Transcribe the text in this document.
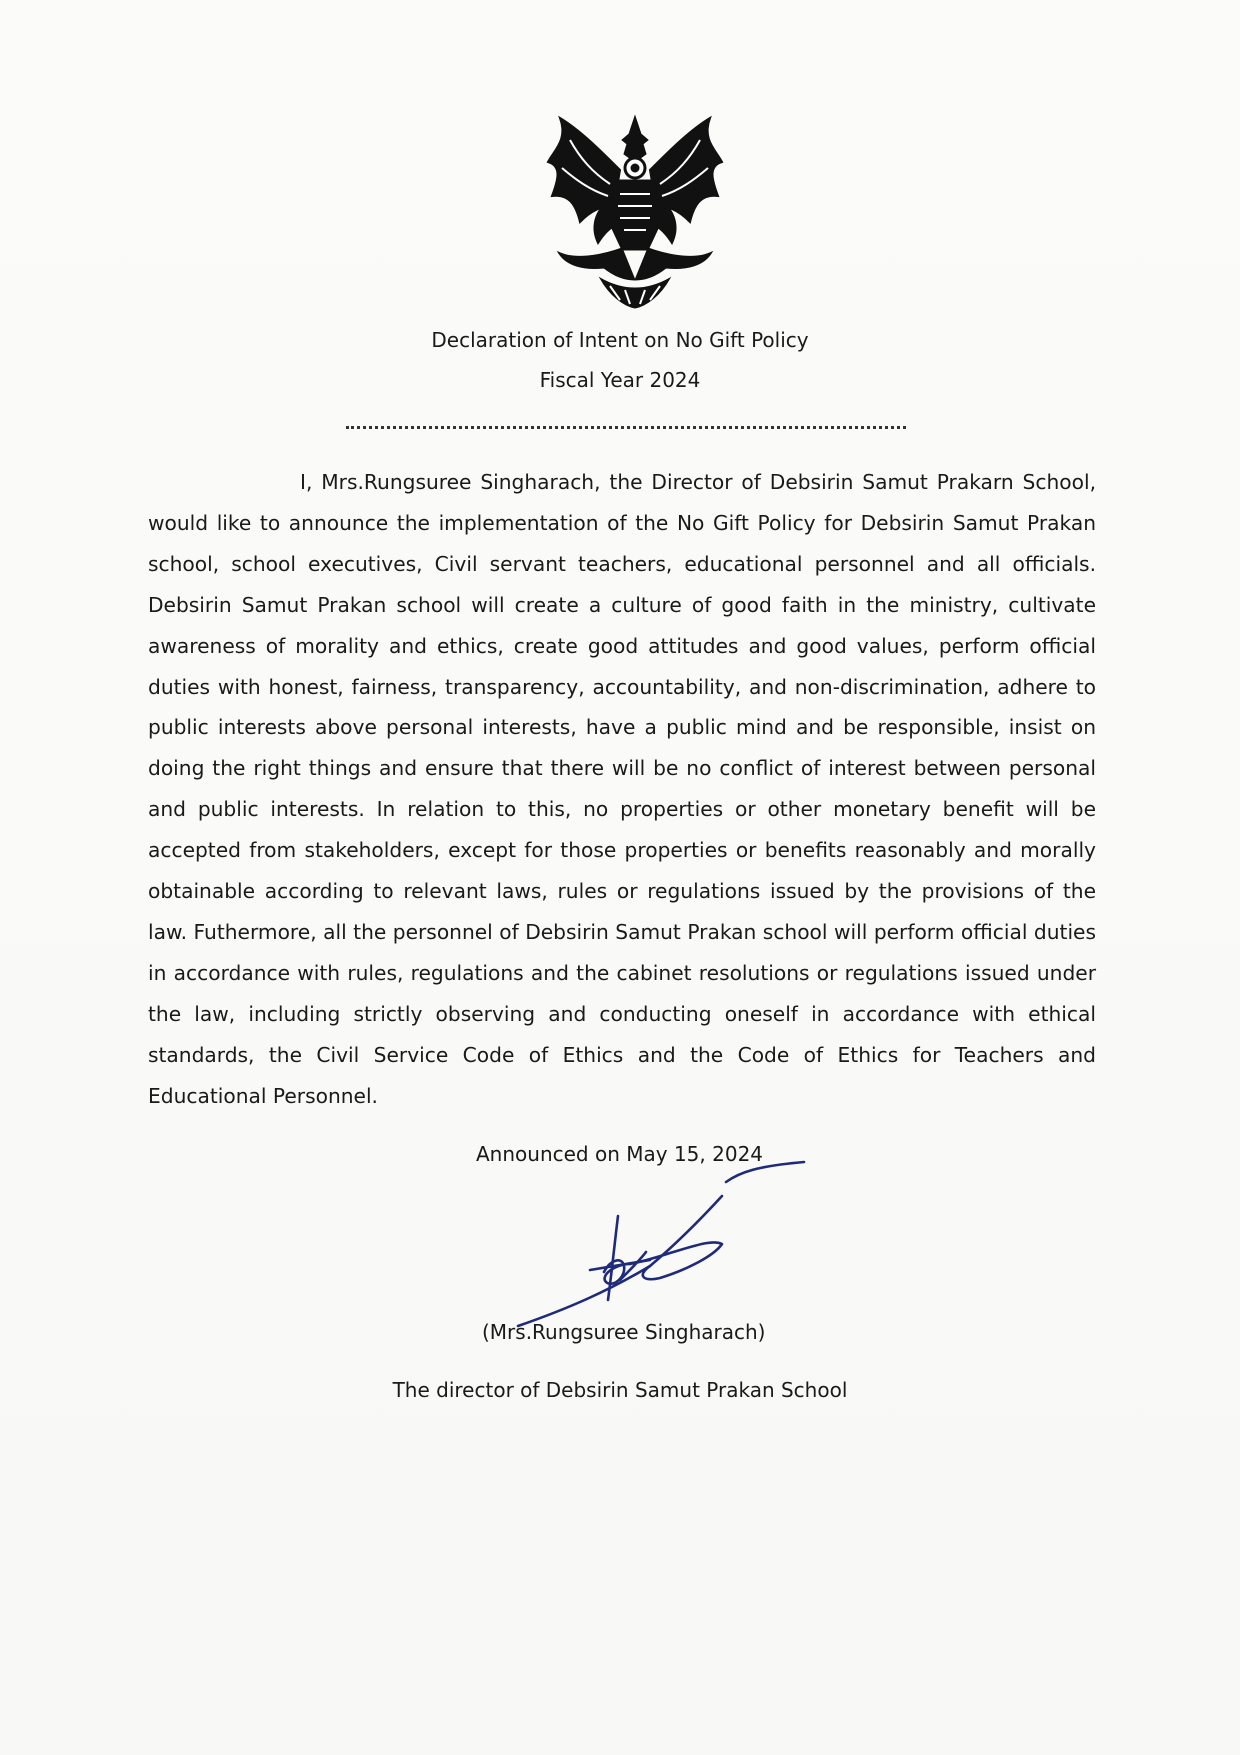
Declaration of Intent on No Gift Policy
Fiscal Year 2024
I, Mrs.Rungsuree Singharach, the Director of Debsirin Samut Prakarn School, would like to announce the implementation of the No Gift Policy for Debsirin Samut Prakan school, school executives, Civil servant teachers, educational personnel and all officials. Debsirin Samut Prakan school will create a culture of good faith in the ministry, cultivate awareness of morality and ethics, create good attitudes and good values, perform official duties with honest, fairness, transparency, accountability, and non-discrimination, adhere to public interests above personal interests, have a public mind and be responsible, insist on doing the right things and ensure that there will be no conflict of interest between personal and public interests. In relation to this, no properties or other monetary benefit will be accepted from stakeholders, except for those properties or benefits reasonably and morally obtainable according to relevant laws, rules or regulations issued by the provisions of the law. Futhermore, all the personnel of Debsirin Samut Prakan school will perform official duties in accordance with rules, regulations and the cabinet resolutions or regulations issued under the law, including strictly observing and conducting oneself in accordance with ethical standards, the Civil Service Code of Ethics and the Code of Ethics for Teachers and Educational Personnel.
Announced on May 15, 2024
(Mrs.Rungsuree Singharach)
The director of Debsirin Samut Prakan School
